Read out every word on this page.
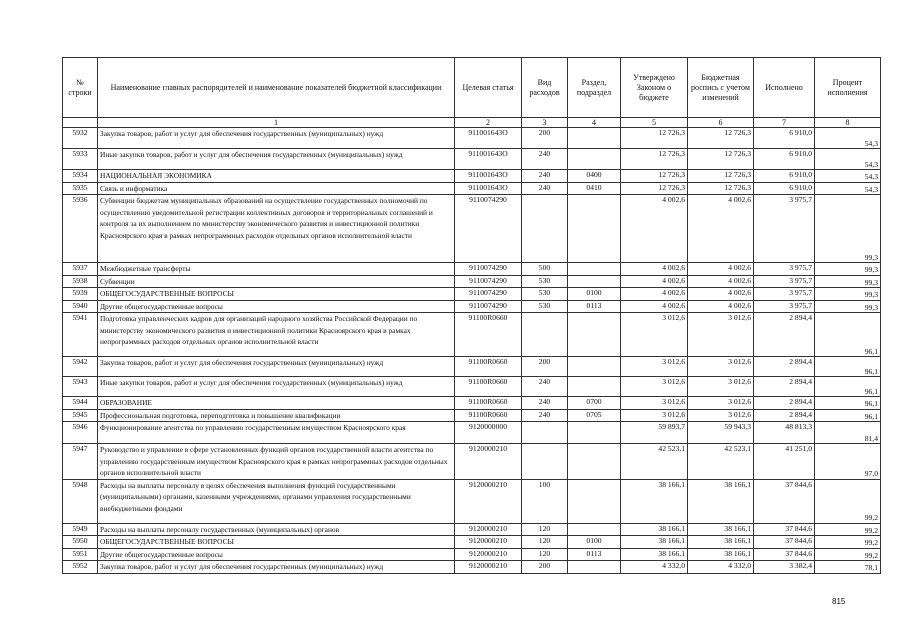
№ строки	Наименование главных распорядителей и наименование показателей бюджетной классификации	Целевая статья	Вид расходов	Раздел, подраздел	Утверждено Законом о бюджете	Бюджетная роспись с учетом изменений	Исполнено	Процент исполнения
	1	2	3	4	5	6	7	8
5932	Закупка товаров, работ и услуг для обеспечения государственных (муниципальных) нужд	911001643О	200		12 726,3	12 726,3	6 910,0	54,3
5933	Иные закупки товаров, работ и услуг для обеспечения государственных (муниципальных) нужд	911001643О	240		12 726,3	12 726,3	6 910,0	54,3
5934	НАЦИОНАЛЬНАЯ ЭКОНОМИКА	911001643О	240	0400	12 726,3	12 726,3	6 910,0	54,3
5935	Связь и информатика	911001643О	240	0410	12 726,3	12 726,3	6 910,0	54,3
5936	Субвенции бюджетам муниципальных образований на осуществление государственных полномочий по осуществлению уведомительной регистрации коллективных договоров и территориальных соглашений и контроля за их выполнением по министерству экономического развития и инвестиционной политики Красноярского края в рамках непрограммных расходов отдельных органов исполнительной власти	9110074290			4 002,6	4 002,6	3 975,7	99,3
5937	Межбюджетные трансферты	9110074290	500		4 002,6	4 002,6	3 975,7	99,3
5938	Субвенции	9110074290	530		4 002,6	4 002,6	3 975,7	99,3
5939	ОБЩЕГОСУДАРСТВЕННЫЕ ВОПРОСЫ	9110074290	530	0100	4 002,6	4 002,6	3 975,7	99,3
5940	Другие общегосударственные вопросы	9110074290	530	0113	4 002,6	4 002,6	3 975,7	99,3
5941	Подготовка управленческих кадров для организаций народного хозяйства Российской Федерации по министерству экономического развития и инвестиционной политики Красноярского края в рамках непрограммных расходов отдельных органов исполнительной власти	91100R0660			3 012,6	3 012,6	2 894,4	96,1
5942	Закупка товаров, работ и услуг для обеспечения государственных (муниципальных) нужд	91100R0660	200		3 012,6	3 012,6	2 894,4	96,1
5943	Иные закупки товаров, работ и услуг для обеспечения государственных (муниципальных) нужд	91100R0660	240		3 012,6	3 012,6	2 894,4	96,1
5944	ОБРАЗОВАНИЕ	91100R0660	240	0700	3 012,6	3 012,6	2 894,4	96,1
5945	Профессиональная подготовка, переподготовка и повышение квалификации	91100R0660	240	0705	3 012,6	3 012,6	2 894,4	96,1
5946	Функционирование агентства по управлению государственным имуществом Красноярского края	9120000000			59 893,7	59 943,3	48 813,3	81,4
5947	Руководство и управление в сфере установленных функций органов государственной власти агентства по управлению государственным имуществом Красноярского края в рамках непрограммных расходов отдельных органов исполнительной власти	9120000210			42 523,1	42 523,1	41 251,0	97,0
5948	Расходы на выплаты персоналу в целях обеспечения выполнения функций государственными (муниципальными) органами, казенными учреждениями, органами управления государственными внебюджетными фондами	9120000210	100		38 166,1	38 166,1	37 844,6	99,2
5949	Расходы на выплаты персоналу государственных (муниципальных) органов	9120000210	120		38 166,1	38 166,1	37 844,6	99,2
5950	ОБЩЕГОСУДАРСТВЕННЫЕ ВОПРОСЫ	9120000210	120	0100	38 166,1	38 166,1	37 844,6	99,2
5951	Другие общегосударственные вопросы	9120000210	120	0113	38 166,1	38 166,1	37 844,6	99,2
5952	Закупка товаров, работ и услуг для обеспечения государственных (муниципальных) нужд	9120000210	200		4 332,0	4 332,0	3 382,4	78,1
815
